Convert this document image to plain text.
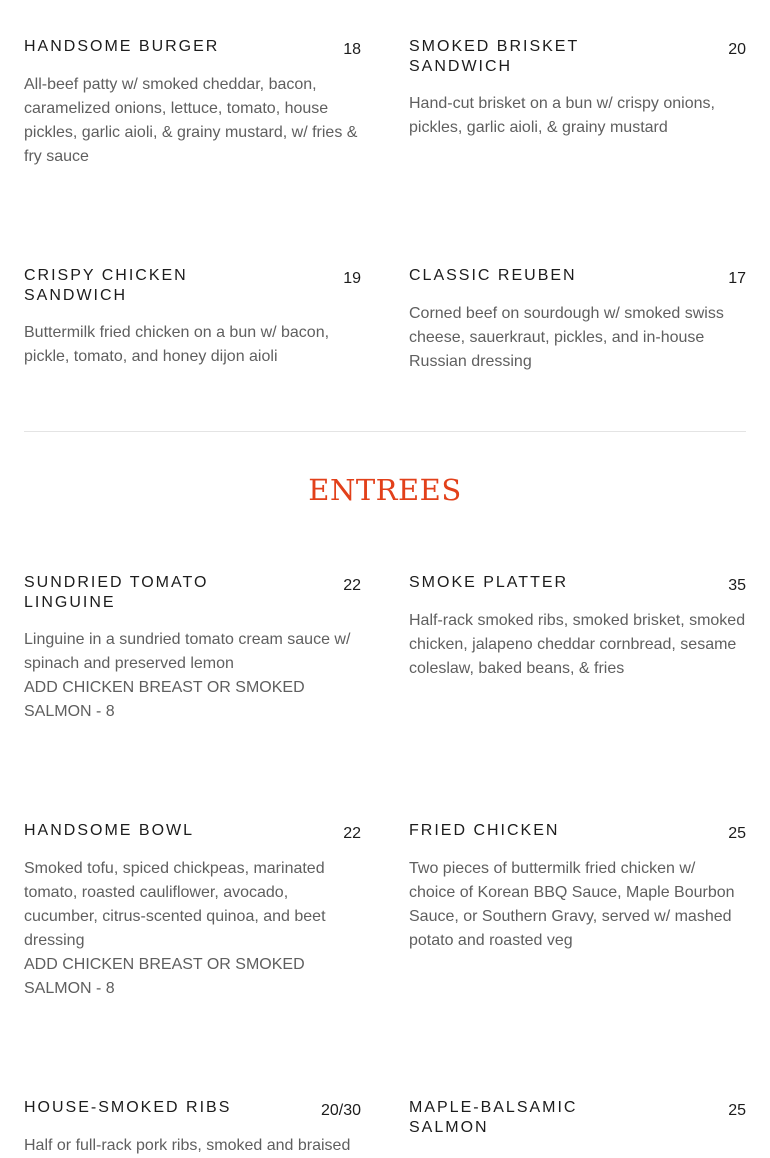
HANDSOME BURGER	18
All-beef patty w/ smoked cheddar, bacon, caramelized onions, lettuce, tomato, house pickles, garlic aioli, & grainy mustard, w/ fries & fry sauce
SMOKED BRISKET SANDWICH
20
Hand-cut brisket on a bun w/ crispy onions, pickles, garlic aioli, & grainy mustard
CRISPY CHICKEN SANDWICH
19
Buttermilk fried chicken on a bun w/ bacon, pickle, tomato, and honey dijon aioli
CLASSIC REUBEN	17
Corned beef on sourdough w/ smoked swiss cheese, sauerkraut, pickles, and in-house Russian dressing
ENTREES
SUNDRIED TOMATO LINGUINE
22
Linguine in a sundried tomato cream sauce w/ spinach and preserved lemon
ADD CHICKEN BREAST OR SMOKED SALMON - 8
SMOKE PLATTER	35
Half-rack smoked ribs, smoked brisket, smoked chicken, jalapeno cheddar cornbread, sesame coleslaw, baked beans, & fries
HANDSOME BOWL	22
Smoked tofu, spiced chickpeas, marinated tomato, roasted cauliflower, avocado, cucumber, citrus-scented quinoa, and beet dressing
ADD CHICKEN BREAST OR SMOKED SALMON - 8
FRIED CHICKEN	25
Two pieces of buttermilk fried chicken w/ choice of Korean BBQ Sauce, Maple Bourbon Sauce, or Southern Gravy, served w/ mashed potato and roasted veg
HOUSE-SMOKED RIBS	20/30
Half or full-rack pork ribs, smoked and braised
MAPLE-BALSAMIC SALMON
25
